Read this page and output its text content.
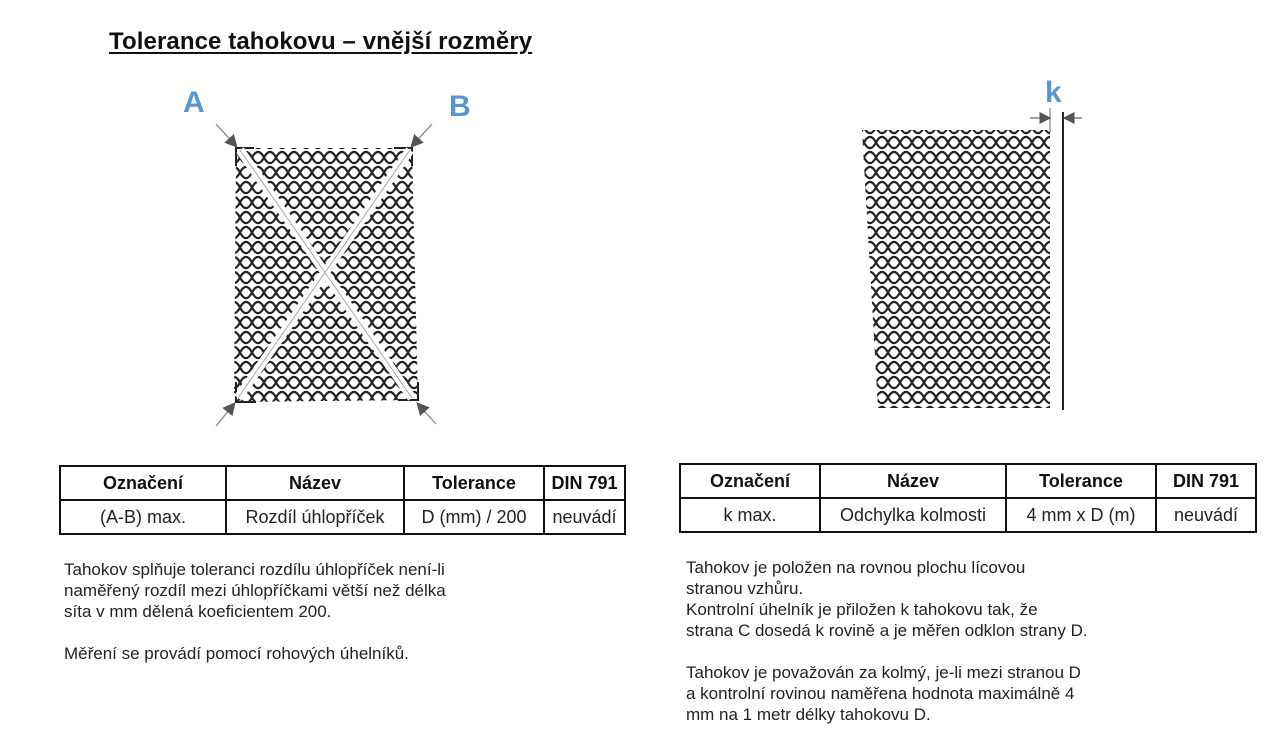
Tolerance tahokovu – vnější rozměry
A	B	k
Označení	Název	Tolerance	DIN 791
(A-B) max.	Rozdíl úhlopříček	D (mm) / 200	neuvádí
Označení	Název	Tolerance	DIN 791
k max.	Odchylka kolmosti	4 mm x D (m)	neuvádí

Tahokov splňuje toleranci rozdílu úhlopříček není-li

naměřený rozdíl mezi úhlopříčkami větší než délka

síta v mm dělená koeficientem 200.

Měření se provádí pomocí rohových úhelníků.

Tahokov je položen na rovnou plochu lícovou

stranou vzhůru.

Kontrolní úhelník je přiložen k tahokovu tak, že

strana C dosedá k rovině a je měřen odklon strany D.

Tahokov je považován za kolmý, je-li mezi stranou D

a kontrolní rovinou naměřena hodnota maximálně 4

mm na 1 metr délky tahokovu D.
